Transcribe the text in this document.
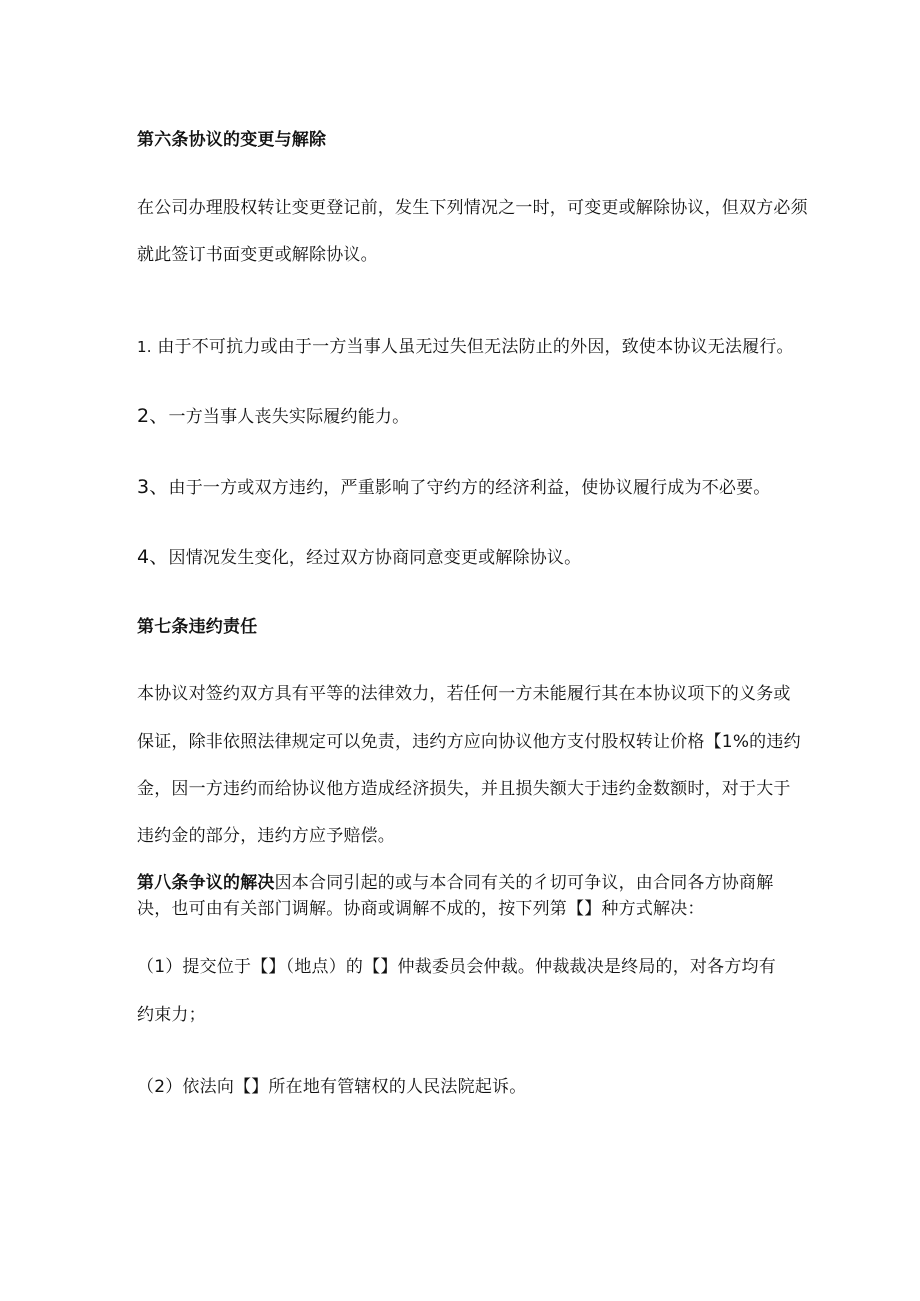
第六条协议的变更与解除
在公司办理股权转让变更登记前，发生下列情况之一时，可变更或解除协议，但双方必须
就此签订书面变更或解除协议。
1. 由于不可抗力或由于一方当事人虽无过失但无法防止的外因，致使本协议无法履行。
2、一方当事人丧失实际履约能力。
3、由于一方或双方违约，严重影响了守约方的经济利益，使协议履行成为不必要。
4、因情况发生变化，经过双方协商同意变更或解除协议。
第七条违约责任
本协议对签约双方具有平等的法律效力，若任何一方未能履行其在本协议项下的义务或
保证，除非依照法律规定可以免责，违约方应向协议他方支付股权转让价格【1%的违约
金，因一方违约而给协议他方造成经济损失，并且损失额大于违约金数额时，对于大于
违约金的部分，违约方应予赔偿。
第八条争议的解决因本合同引起的或与本合同有关的彳切可争议，由合同各方协商解
决，也可由有关部门调解。协商或调解不成的，按下列第【】种方式解决：
（1）提交位于【】（地点）的【】仲裁委员会仲裁。仲裁裁决是终局的，对各方均有
约束力；
（2）依法向【】所在地有管辖权的人民法院起诉。
